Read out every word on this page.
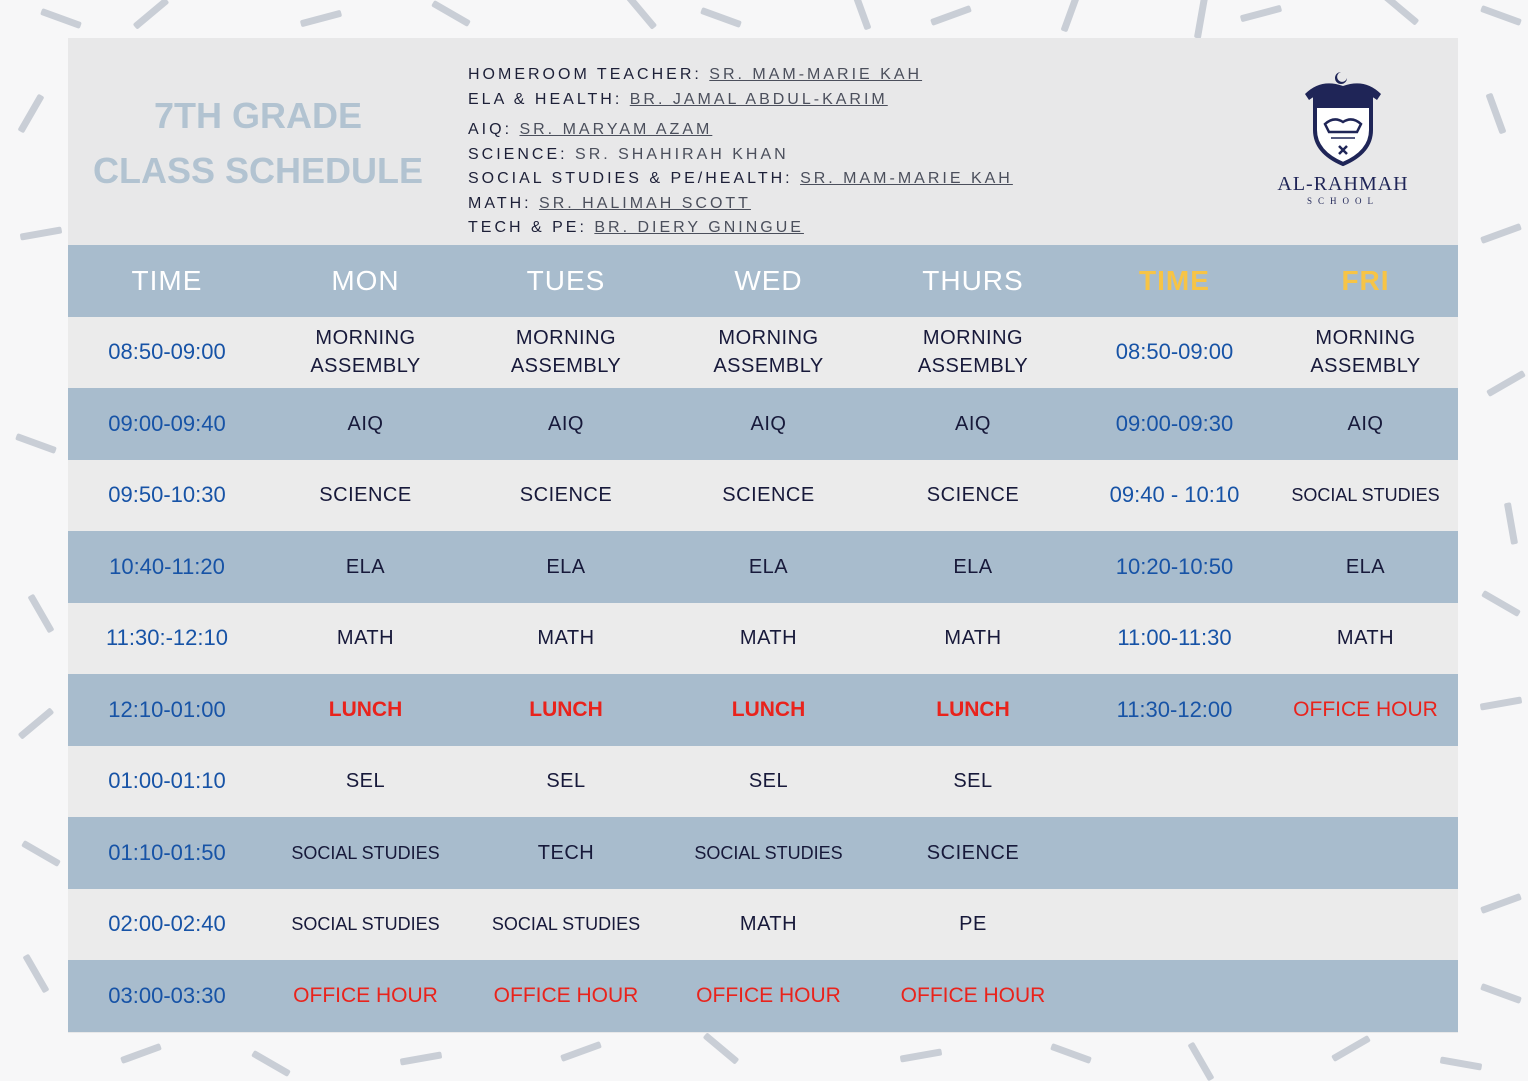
7TH GRADE
CLASS SCHEDULE
HOMEROOM TEACHER: SR. MAM-MARIE KAH
ELA & HEALTH: BR. JAMAL ABDUL-KARIM
AIQ: SR. MARYAM AZAM
SCIENCE: SR. SHAHIRAH KHAN
SOCIAL STUDIES & PE/HEALTH: SR. MAM-MARIE KAH
MATH: SR. HALIMAH SCOTT
TECH & PE: BR. DIERY GNINGUE
AL-RAHMAH
SCHOOL
TIME	MON	TUES	WED	THURS	TIME	FRI
08:50-09:00	MORNING ASSEMBLY	MORNING ASSEMBLY	MORNING ASSEMBLY	MORNING ASSEMBLY	08:50-09:00	MORNING ASSEMBLY
09:00-09:40	AIQ	AIQ	AIQ	AIQ	09:00-09:30	AIQ
09:50-10:30	SCIENCE	SCIENCE	SCIENCE	SCIENCE	09:40 - 10:10	SOCIAL STUDIES
10:40-11:20	ELA	ELA	ELA	ELA	10:20-10:50	ELA
11:30:-12:10	MATH	MATH	MATH	MATH	11:00-11:30	MATH
12:10-01:00	LUNCH	LUNCH	LUNCH	LUNCH	11:30-12:00	OFFICE HOUR
01:00-01:10	SEL	SEL	SEL	SEL		
01:10-01:50	SOCIAL STUDIES	TECH	SOCIAL STUDIES	SCIENCE		
02:00-02:40	SOCIAL STUDIES	SOCIAL STUDIES	MATH	PE		
03:00-03:30	OFFICE HOUR	OFFICE HOUR	OFFICE HOUR	OFFICE HOUR		
